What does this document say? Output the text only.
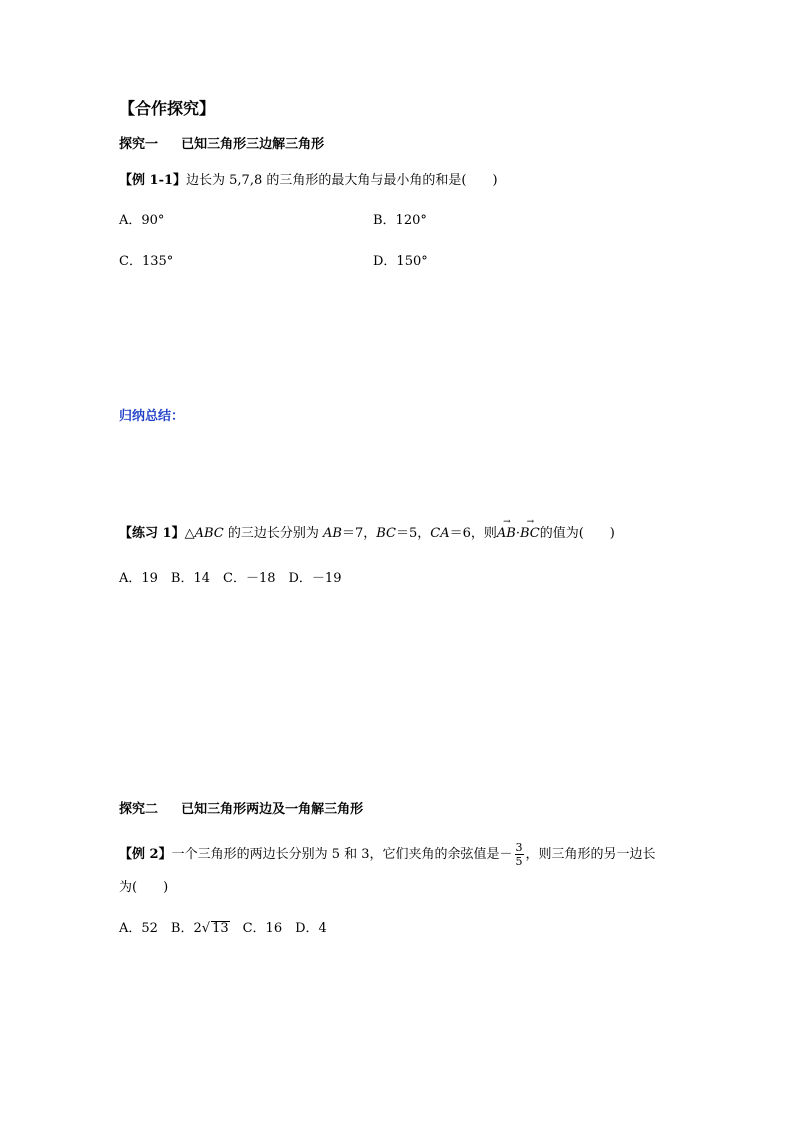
【合作探究】
探究一 已知三角形三边解三角形
【例 1-1】边长为 5,7,8 的三角形的最大角与最小角的和是(　　)
A．90°	B．120°
C．135°	D．150°
归纳总结：
【练习 1】△ABC 的三边长分别为 AB＝7，BC＝5，CA＝6，则→ AB·→ BC的值为(　　)
A．19　B．14　C．－18　D．－19
探究二 已知三角形两边及一角解三角形
【例 2】一个三角形的两边长分别为 5 和 3，它们夹角的余弦值是－ $\frac{3}{5}$ ，则三角形的另一边长
为(　　)
A．52　B．2√ 13　C．16　D．4
